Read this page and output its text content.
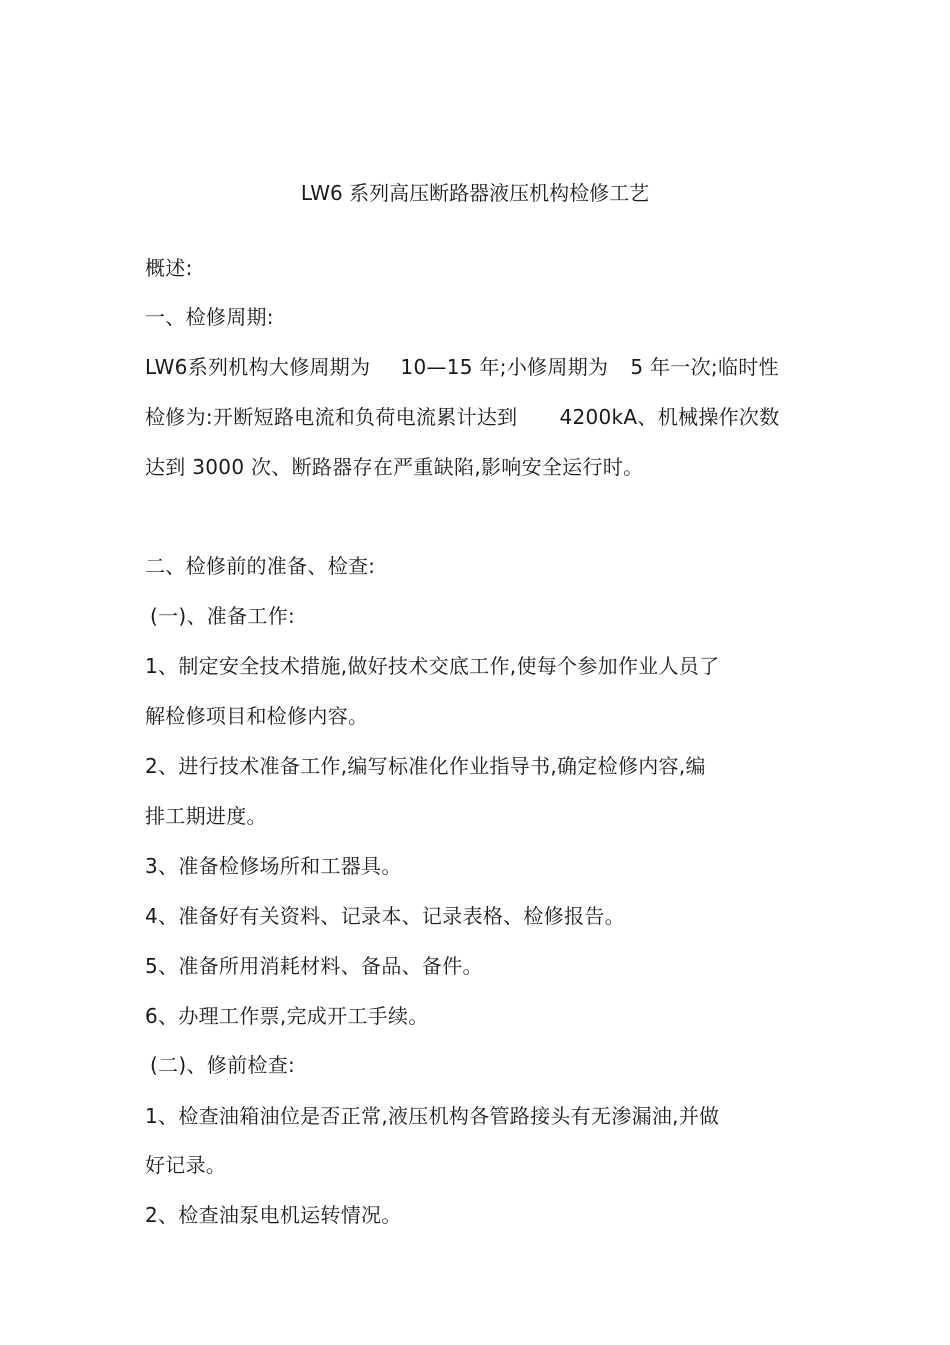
LW6 系列高压断路器液压机构检修工艺
概述:
一、检修周期:
LW6系列机构大修周期为 10—15 年;小修周期为 5 年一次;临时性
检修为:开断短路电流和负荷电流累计达到 4200kA、机械操作次数
达到 3000 次、断路器存在严重缺陷,影响安全运行时。
二、检修前的准备、检查:
(一)、准备工作:
1、制定安全技术措施,做好技术交底工作,使每个参加作业人员了
解检修项目和检修内容。
2、进行技术准备工作,编写标准化作业指导书,确定检修内容,编
排工期进度。
3、准备检修场所和工器具。
4、准备好有关资料、记录本、记录表格、检修报告。
5、准备所用消耗材料、备品、备件。
6、办理工作票,完成开工手续。
(二)、修前检查:
1、检查油箱油位是否正常,液压机构各管路接头有无渗漏油,并做
好记录。
2、检查油泵电机运转情况。
